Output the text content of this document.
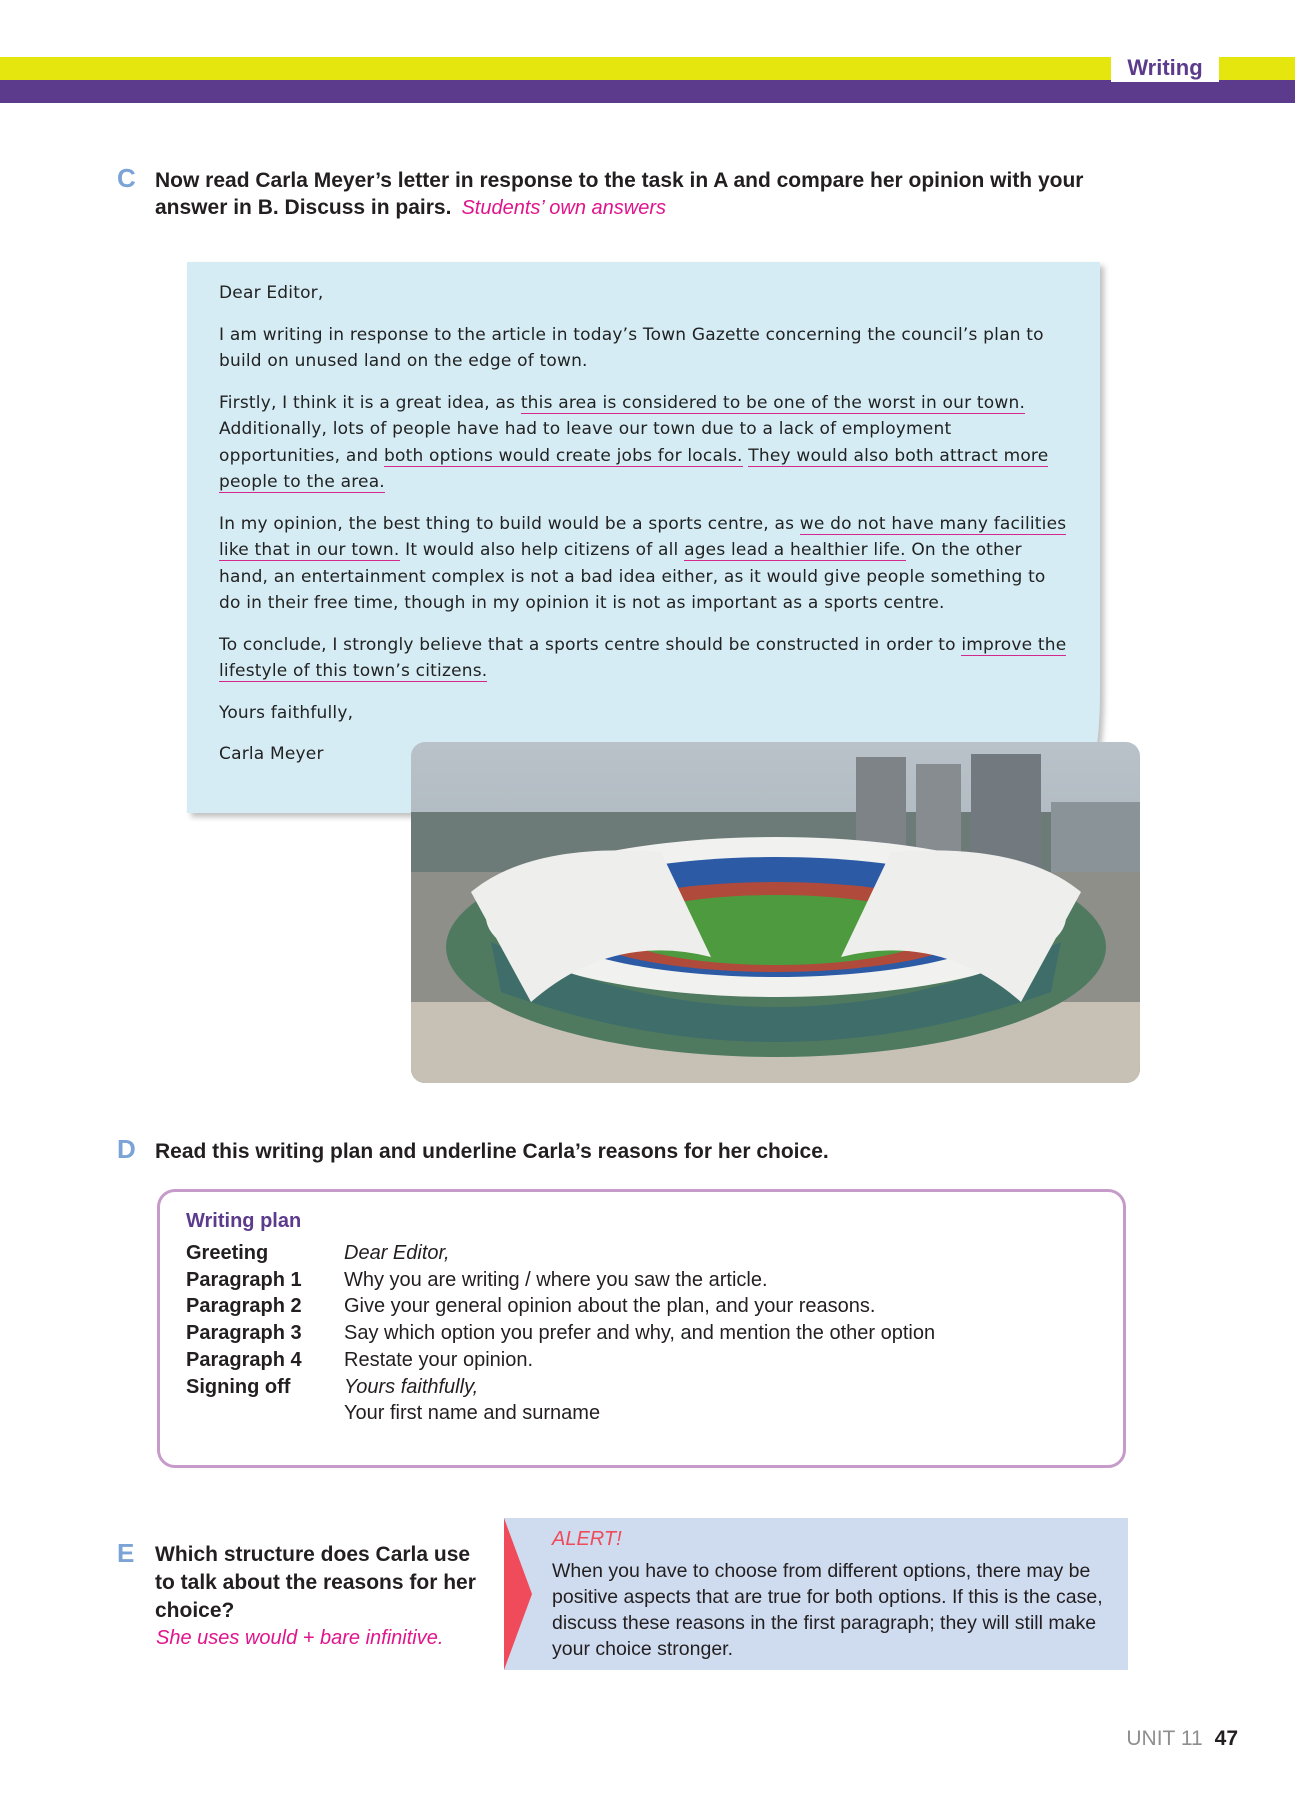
Writing
C Now read Carla Meyer’s letter in response to the task in A and compare her opinion with your answer in B. Discuss in pairs. Students’ own answers

Dear Editor,

I am writing in response to the article in today’s Town Gazette concerning the council’s plan to build on unused land on the edge of town.

Firstly, I think it is a great idea, as this area is considered to be one of the worst in our town. Additionally, lots of people have had to leave our town due to a lack of employment opportunities, and both options would create jobs for locals. They would also both attract more people to the area.

In my opinion, the best thing to build would be a sports centre, as we do not have many facilities like that in our town. It would also help citizens of all ages lead a healthier life. On the other hand, an entertainment complex is not a bad idea either, as it would give people something to do in their free time, though in my opinion it is not as important as a sports centre.

To conclude, I strongly believe that a sports centre should be constructed in order to improve the lifestyle of this town’s citizens.

Yours faithfully,

Carla Meyer

D Read this writing plan and underline Carla’s reasons for her choice.
Writing plan
Greeting	Dear Editor,
Paragraph 1	Why you are writing / where you saw the article.
Paragraph 2	Give your general opinion about the plan, and your reasons.
Paragraph 3	Say which option you prefer and why, and mention the other option
Paragraph 4	Restate your opinion.
Signing off	Yours faithfully,
Your first name and surname
E Which structure does Carla use to talk about the reasons for her choice?
She uses would + bare infinitive.
ALERT!
When you have to choose from different options, there may be positive aspects that are true for both options. If this is the case, discuss these reasons in the first paragraph; they will still make your choice stronger.
UNIT 11 47
